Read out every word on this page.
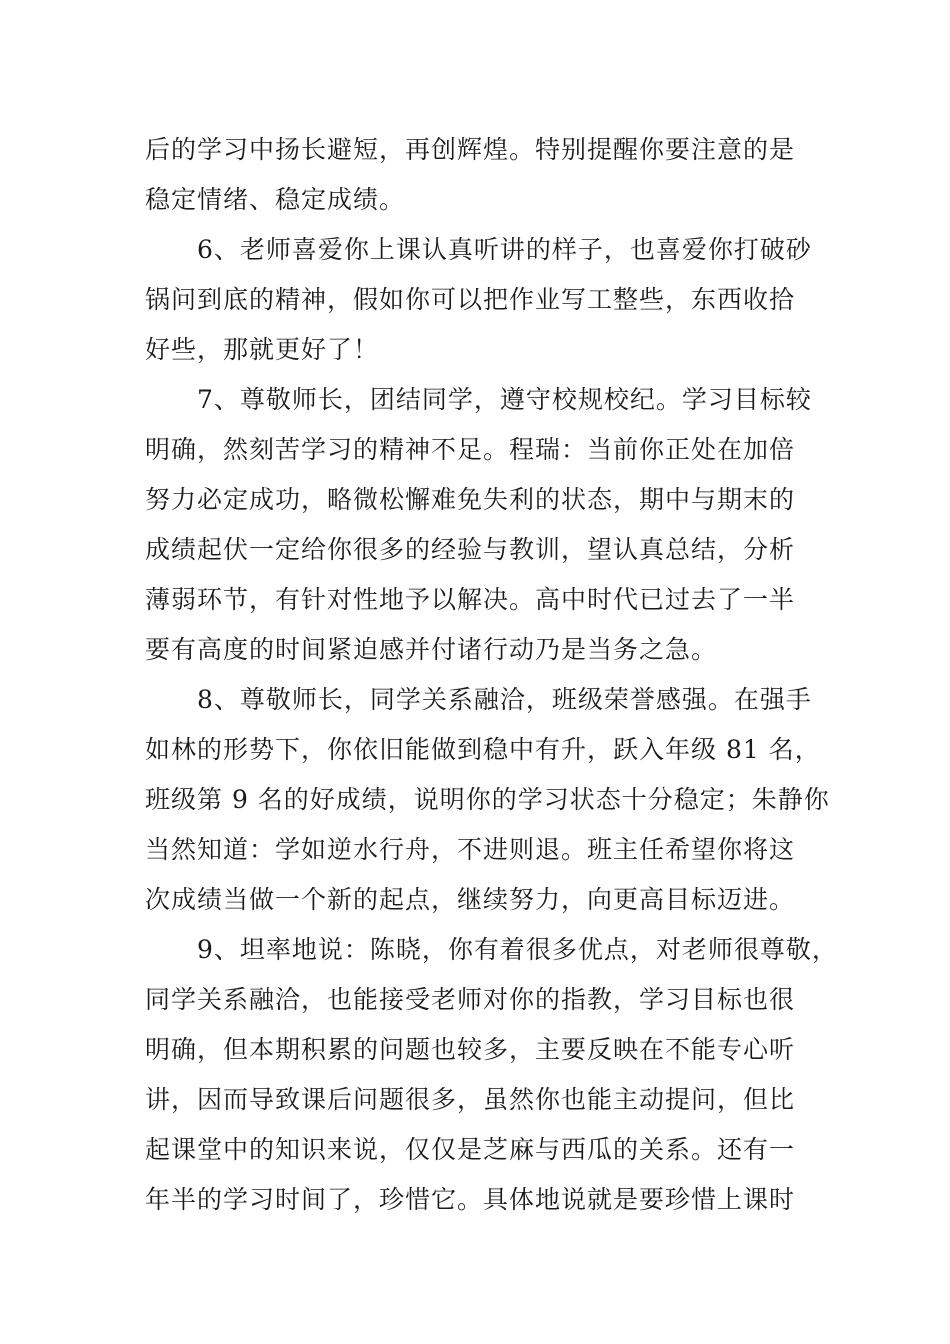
后的学习中扬长避短，再创辉煌。特别提醒你要注意的是
稳定情绪、稳定成绩。
6、老师喜爱你上课认真听讲的样子，也喜爱你打破砂
锅问到底的精神，假如你可以把作业写工整些，东西收拾
好些，那就更好了！
7、尊敬师长，团结同学，遵守校规校纪。学习目标较
明确，然刻苦学习的精神不足。程瑞：当前你正处在加倍
努力必定成功，略微松懈难免失利的状态，期中与期末的
成绩起伏一定给你很多的经验与教训，望认真总结，分析
薄弱环节，有针对性地予以解决。高中时代已过去了一半
要有高度的时间紧迫感并付诸行动乃是当务之急。
8、尊敬师长，同学关系融洽，班级荣誉感强。在强手
如林的形势下，你依旧能做到稳中有升，跃入年级 81 名，
班级第 9 名的好成绩，说明你的学习状态十分稳定；朱静你
当然知道：学如逆水行舟，不进则退。班主任希望你将这
次成绩当做一个新的起点，继续努力，向更高目标迈进。
9、坦率地说：陈晓，你有着很多优点，对老师很尊敬，
同学关系融洽，也能接受老师对你的指教，学习目标也很
明确，但本期积累的问题也较多，主要反映在不能专心听
讲，因而导致课后问题很多，虽然你也能主动提问，但比
起课堂中的知识来说，仅仅是芝麻与西瓜的关系。还有一
年半的学习时间了，珍惜它。具体地说就是要珍惜上课时
